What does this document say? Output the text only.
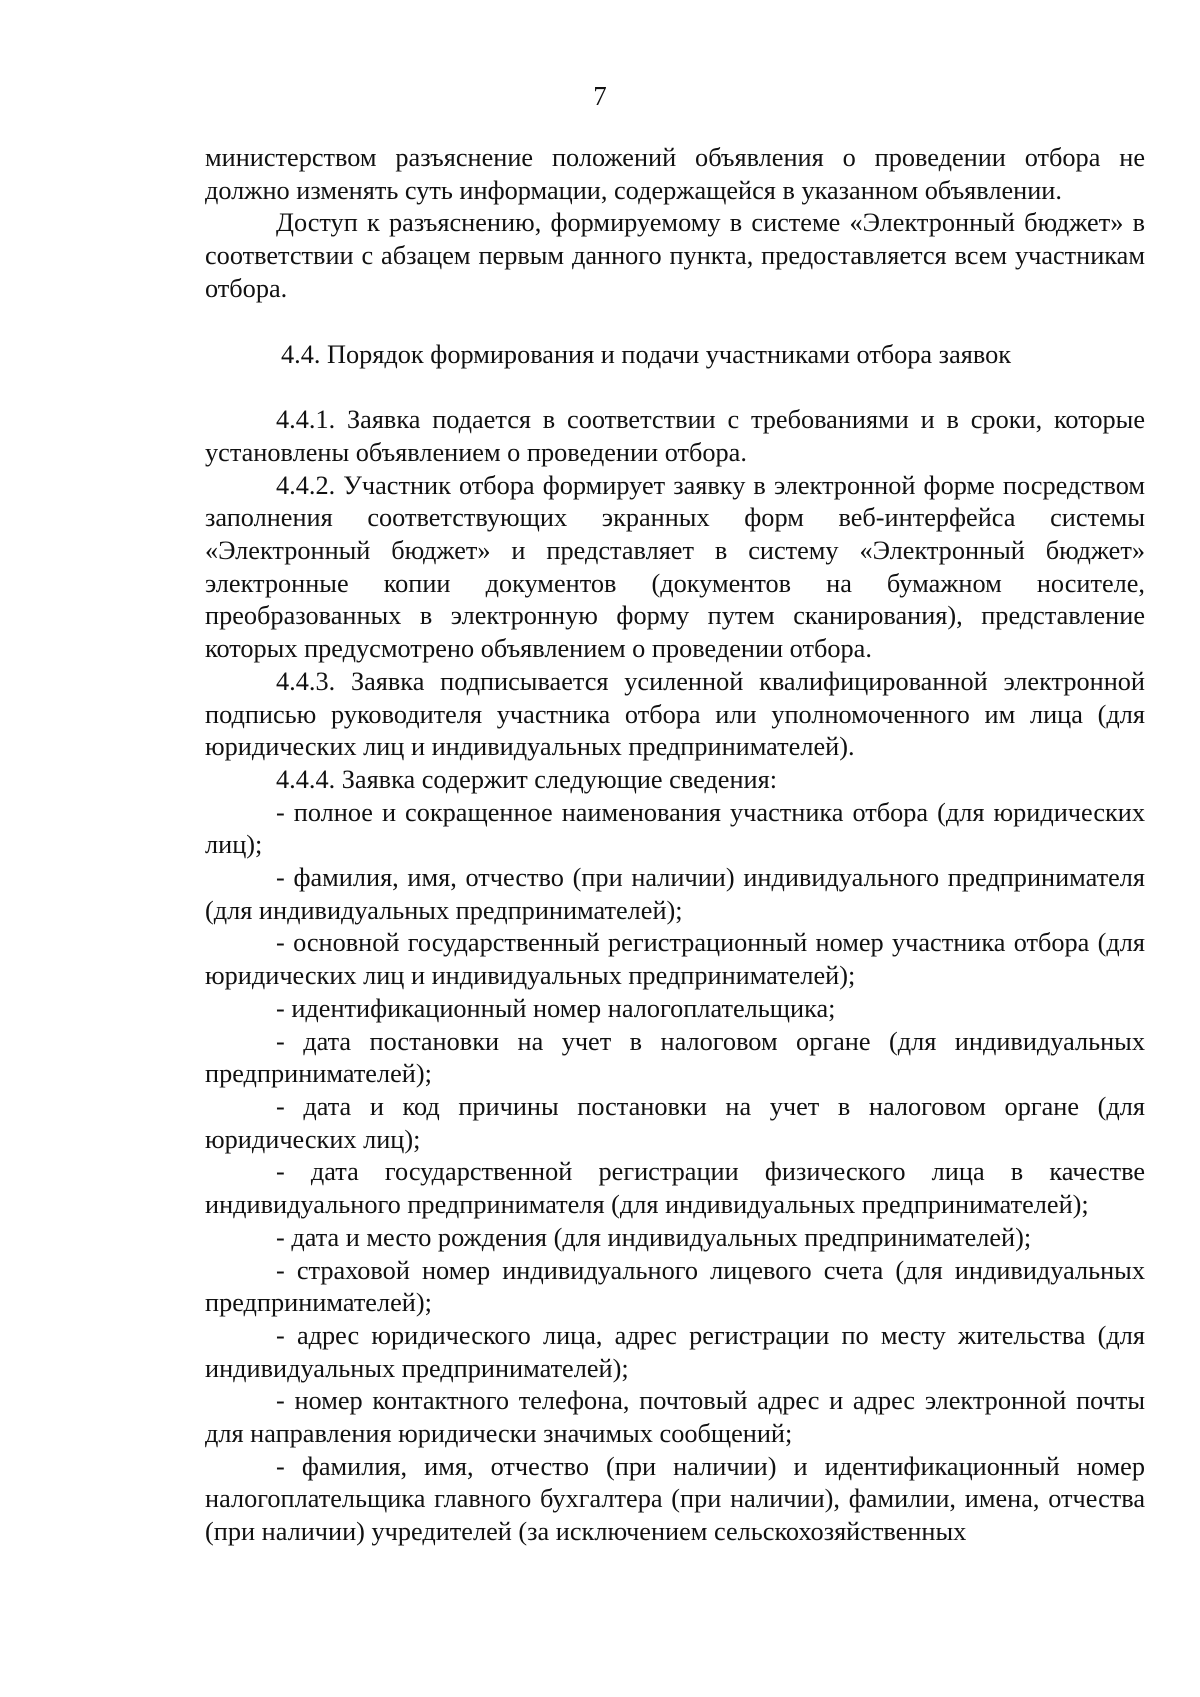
7

министерством разъяснение положений объявления о проведении отбора не должно изменять суть информации, содержащейся в указанном объявлении.

Доступ к разъяснению, формируемому в системе «Электронный бюджет» в соответствии с абзацем первым данного пункта, предоставляется всем участникам отбора.

4.4. Порядок формирования и подачи участниками отбора заявок

4.4.1. Заявка подается в соответствии с требованиями и в сроки, которые установлены объявлением о проведении отбора.

4.4.2. Участник отбора формирует заявку в электронной форме посредством заполнения соответствующих экранных форм веб-интерфейса системы «Электронный бюджет» и представляет в систему «Электронный бюджет» электронные копии документов (документов на бумажном носителе, преобразованных в электронную форму путем сканирования), представление которых предусмотрено объявлением о проведении отбора.

4.4.3. Заявка подписывается усиленной квалифицированной электронной подписью руководителя участника отбора или уполномоченного им лица (для юридических лиц и индивидуальных предпринимателей).

4.4.4. Заявка содержит следующие сведения:

- полное и сокращенное наименования участника отбора (для юридических лиц);

- фамилия, имя, отчество (при наличии) индивидуального предпринимателя (для индивидуальных предпринимателей);

- основной государственный регистрационный номер участника отбора (для юридических лиц и индивидуальных предпринимателей);

- идентификационный номер налогоплательщика;

- дата постановки на учет в налоговом органе (для индивидуальных предпринимателей);

- дата и код причины постановки на учет в налоговом органе (для юридических лиц);

- дата государственной регистрации физического лица в качестве индивидуального предпринимателя (для индивидуальных предпринимателей);

- дата и место рождения (для индивидуальных предпринимателей);

- страховой номер индивидуального лицевого счета (для индивидуальных предпринимателей);

- адрес юридического лица, адрес регистрации по месту жительства (для индивидуальных предпринимателей);

- номер контактного телефона, почтовый адрес и адрес электронной почты для направления юридически значимых сообщений;

- фамилия, имя, отчество (при наличии) и идентификационный номер налогоплательщика главного бухгалтера (при наличии), фамилии, имена, отчества (при наличии) учредителей (за исключением сельскохозяйственных
